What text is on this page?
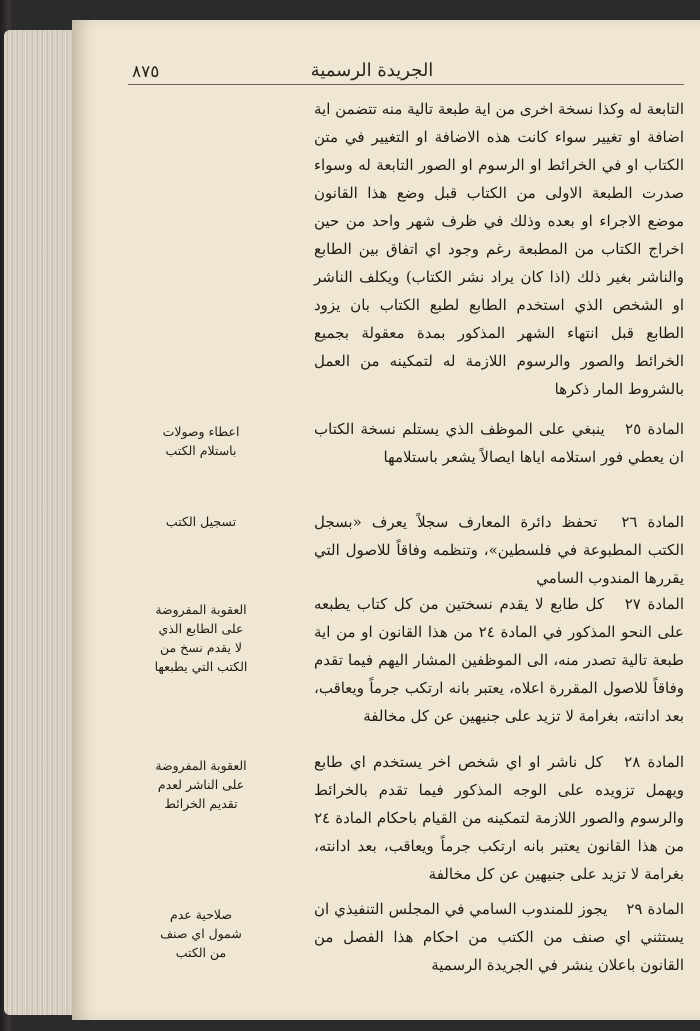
٨٧٥	الجريدة الرسمية
التابعة له وكذا نسخة اخرى من اية طبعة تالية منه تتضمن اية اضافة او تغيير سواء كانت هذه الاضافة او التغيير في متن الكتاب او في الخرائط او الرسوم او الصور التابعة له وسواء صدرت الطبعة الاولى من الكتاب قبل وضع هذا القانون موضع الاجراء او بعده وذلك في ظرف شهر واحد من حين اخراج الكتاب من المطبعة رغم وجود اي اتفاق بين الطابع والناشر بغير ذلك (اذا كان يراد نشر الكتاب) ويكلف الناشر او الشخص الذي استخدم الطابع لطبع الكتاب بان يزود الطابع قبل انتهاء الشهر المذكور بمدة معقولة بجميع الخرائط والصور والرسوم اللازمة له لتمكينه من العمل بالشروط المار ذكرها
المادة ٢٥ ينبغي على الموظف الذي يستلم نسخة الكتاب ان يعطي فور استلامه اياها ايصالاً يشعر باستلامها
اعطاء وصولات باستلام الكتب
المادة ٢٦ تحفظ دائرة المعارف سجلاً يعرف «بسجل الكتب المطبوعة في فلسطين»، وتنظمه وفاقاً للاصول التي يقررها المندوب السامي
تسجيل الكتب
المادة ٢٧ كل طابع لا يقدم نسختين من كل كتاب يطبعه على النحو المذكور في المادة ٢٤ من هذا القانون او من اية طبعة تالية تصدر منه، الى الموظفين المشار اليهم فيما تقدم وفاقاً للاصول المقررة اعلاه، يعتبر بانه ارتكب جرماً ويعاقب، بعد ادانته، بغرامة لا تزيد على جنيهين عن كل مخالفة
العقوبة المفروضة على الطابع الذي لا يقدم نسخ من الكتب التي يطبعها
المادة ٢٨ كل ناشر او اي شخص اخر يستخدم اي طابع ويهمل تزويده على الوجه المذكور فيما تقدم بالخرائط والرسوم والصور اللازمة لتمكينه من القيام باحكام المادة ٢٤ من هذا القانون يعتبر بانه ارتكب جرماً ويعاقب، بعد ادانته، بغرامة لا تزيد على جنيهين عن كل مخالفة
العقوبة المفروضة على الناشر لعدم تقديم الخرائط
المادة ٢٩ يجوز للمندوب السامي في المجلس التنفيذي ان يستثني اي صنف من الكتب من احكام هذا الفصل من القانون باعلان ينشر في الجريدة الرسمية
صلاحية عدم شمول اي صنف من الكتب
